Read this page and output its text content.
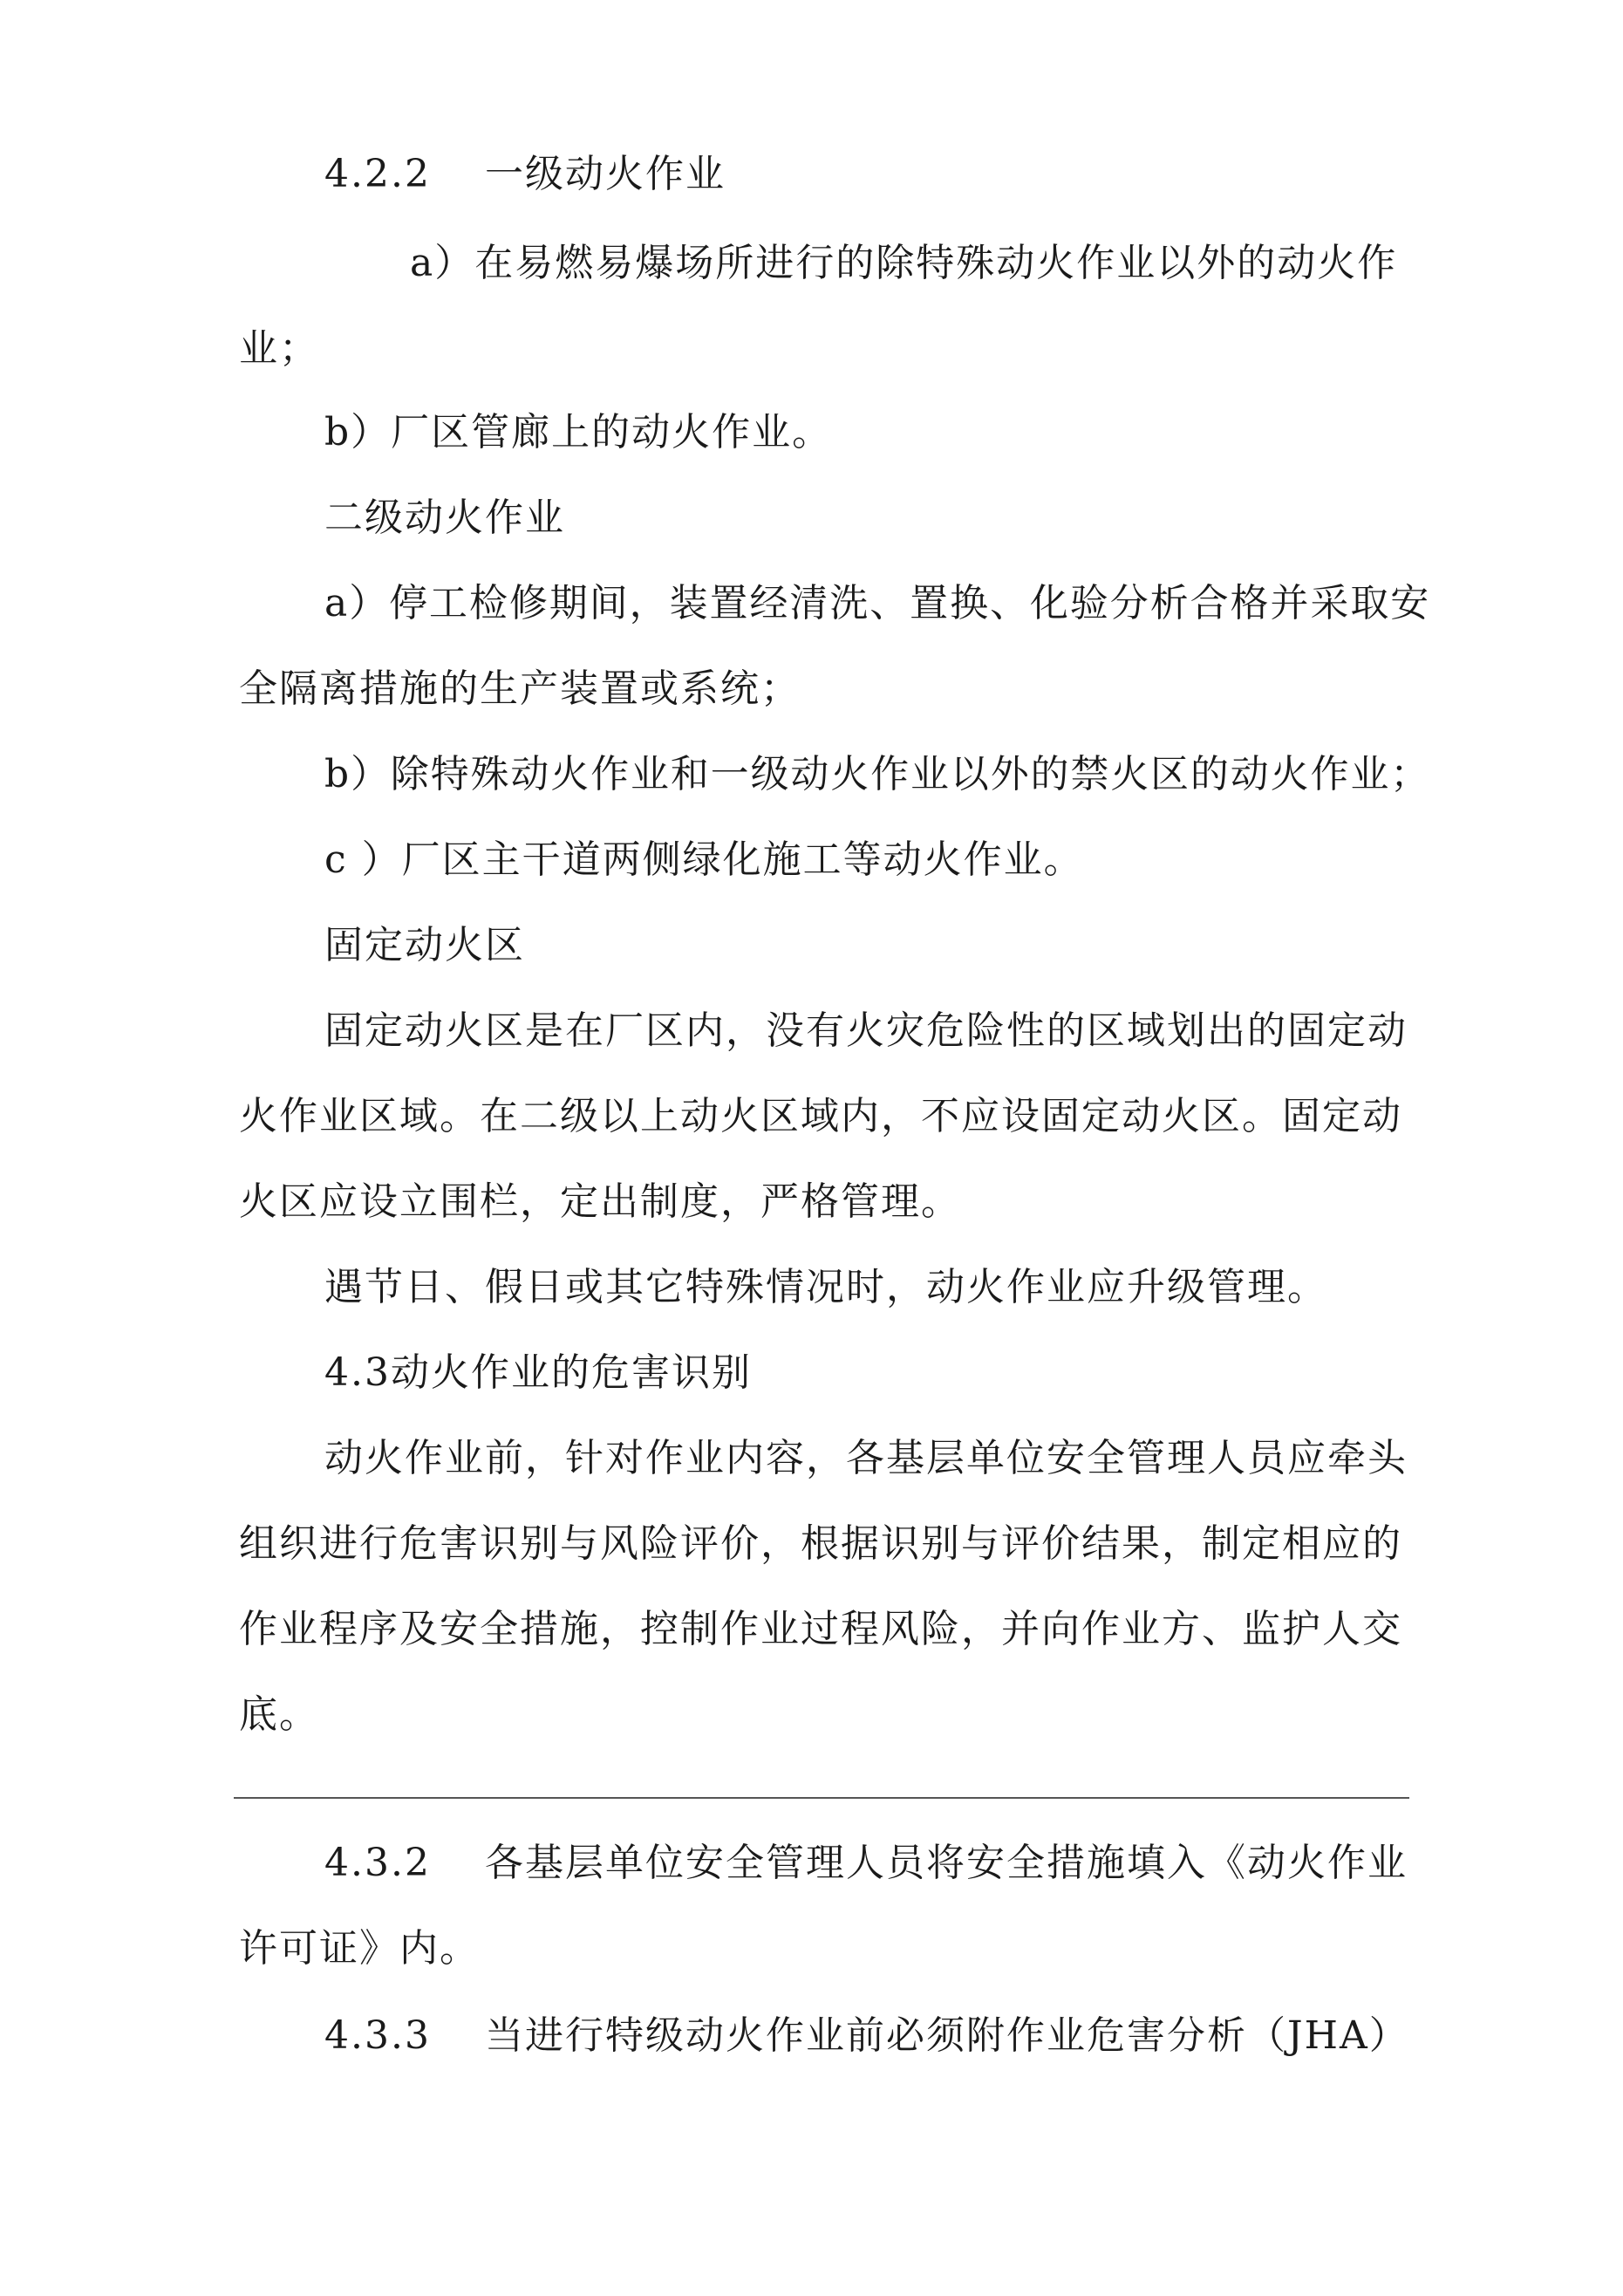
4.2.2　 一级动火作业
a）在易燃易爆场所进行的除特殊动火作业以外的动火作
业；
b）厂区管廊上的动火作业。
二级动火作业
a）停工检修期间，装置经清洗、置换、化验分析合格并采取安
全隔离措施的生产装置或系统；
b）除特殊动火作业和一级动火作业以外的禁火区的动火作业；
c ）厂区主干道两侧绿化施工等动火作业。
固定动火区
固定动火区是在厂区内，没有火灾危险性的区域划出的固定动
火作业区域。在二级以上动火区域内，不应设固定动火区。固定动
火区应设立围栏，定出制度，严格管理。
遇节日、假日或其它特殊情况时，动火作业应升级管理。
4.3动火作业的危害识别
动火作业前，针对作业内容，各基层单位安全管理人员应牵头
组织进行危害识别与风险评价，根据识别与评价结果，制定相应的
作业程序及安全措施，控制作业过程风险，并向作业方、监护人交
底。
4.3.2　 各基层单位安全管理人员将安全措施填入《动火作业
许可证》内。
4.3.3　 当进行特级动火作业前必须附作业危害分析（JHA）
